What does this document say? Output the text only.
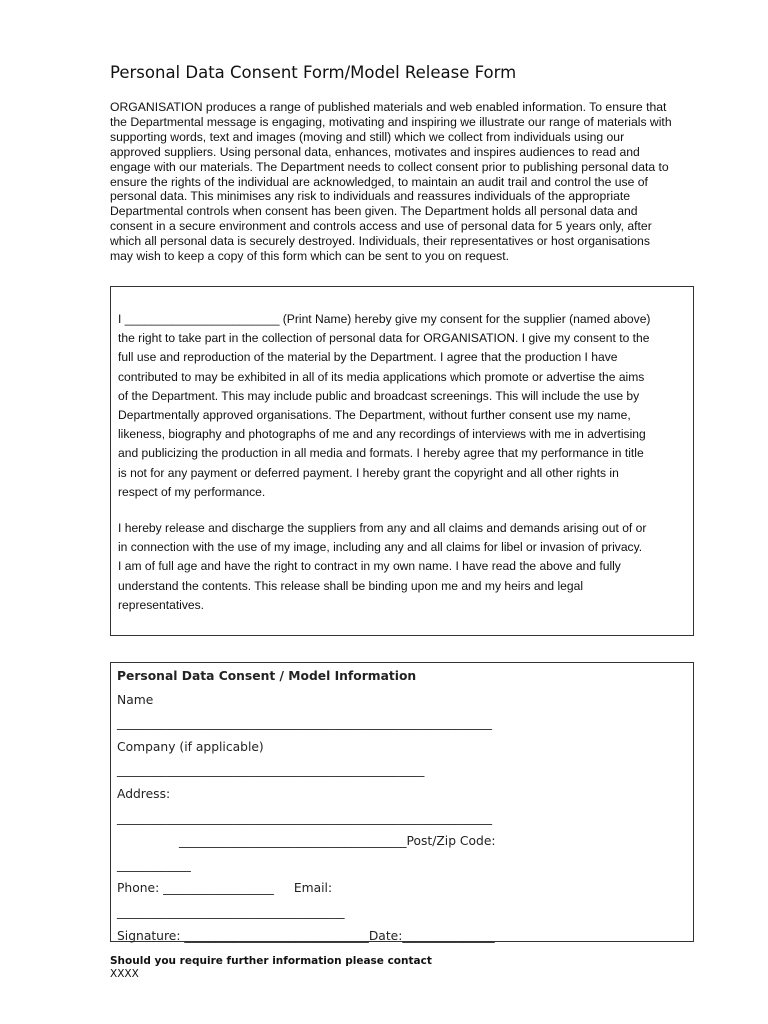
Personal Data Consent Form/Model Release Form
ORGANISATION produces a range of published materials and web enabled information. To ensure that
the Departmental message is engaging, motivating and inspiring we illustrate our range of materials with
supporting words, text and images (moving and still) which we collect from individuals using our
approved suppliers. Using personal data, enhances, motivates and inspires audiences to read and
engage with our materials. The Department needs to collect consent prior to publishing personal data to
ensure the rights of the individual are acknowledged, to maintain an audit trail and control the use of
personal data. This minimises any risk to individuals and reassures individuals of the appropriate
Departmental controls when consent has been given. The Department holds all personal data and
consent in a secure environment and controls access and use of personal data for 5 years only, after
which all personal data is securely destroyed. Individuals, their representatives or host organisations
may wish to keep a copy of this form which can be sent to you on request.
I _______________________ (Print Name) hereby give my consent for the supplier (named above)
the right to take part in the collection of personal data for ORGANISATION. I give my consent to the
full use and reproduction of the material by the Department. I agree that the production I have
contributed to may be exhibited in all of its media applications which promote or advertise the aims
of the Department. This may include public and broadcast screenings. This will include the use by
Departmentally approved organisations. The Department, without further consent use my name,
likeness, biography and photographs of me and any recordings of interviews with me in advertising
and publicizing the production in all media and formats. I hereby agree that my performance in title
is not for any payment or deferred payment. I hereby grant the copyright and all other rights in
respect of my performance.
I hereby release and discharge the suppliers from any and all claims and demands arising out of or
in connection with the use of my image, including any and all claims for libel or invasion of privacy.
I am of full age and have the right to contract in my own name. I have read the above and fully
understand the contents. This release shall be binding upon me and my heirs and legal
representatives.
Personal Data Consent / Model Information
Name
_____________________________________________________________
Company (if applicable)
__________________________________________________
Address:
_____________________________________________________________
_____________________________________Post/Zip Code:
____________
Phone: __________________ Email:
_____________________________________
Signature: ______________________________Date:_______________
Should you require further information please contact
XXXX
